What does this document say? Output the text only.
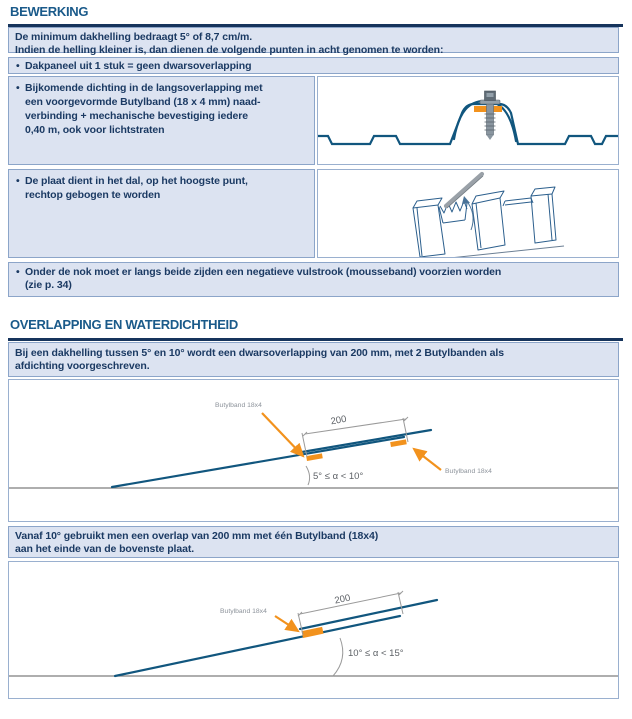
BEWERKING
De minimum dakhelling bedraagt 5° of 8,7 cm/m.
Indien de helling kleiner is, dan dienen de volgende punten in acht genomen te worden:
• Dakpaneel uit 1 stuk = geen dwarsoverlapping
• Bijkomende dichting in de langsoverlapping met
een voorgevormde Butylband (18 x 4 mm) naad-
verbinding + mechanische bevestiging iedere
0,40 m, ook voor lichtstraten
• De plaat dient in het dal, op het hoogste punt,
rechtop gebogen te worden
• Onder de nok moet er langs beide zijden een negatieve vulstrook (mousseband) voorzien worden
(zie p. 34)
OVERLAPPING EN WATERDICHTHEID
Bij een dakhelling tussen 5° en 10° wordt een dwarsoverlapping van 200 mm, met 2 Butylbanden als
afdichting voorgeschreven.
200
5° ≤ α < 10°
Butylband 18x4
Butylband 18x4
Vanaf 10° gebruikt men een overlap van 200 mm met één Butylband (18x4)
aan het einde van de bovenste plaat.
200
10° ≤ α < 15°
Butylband 18x4
